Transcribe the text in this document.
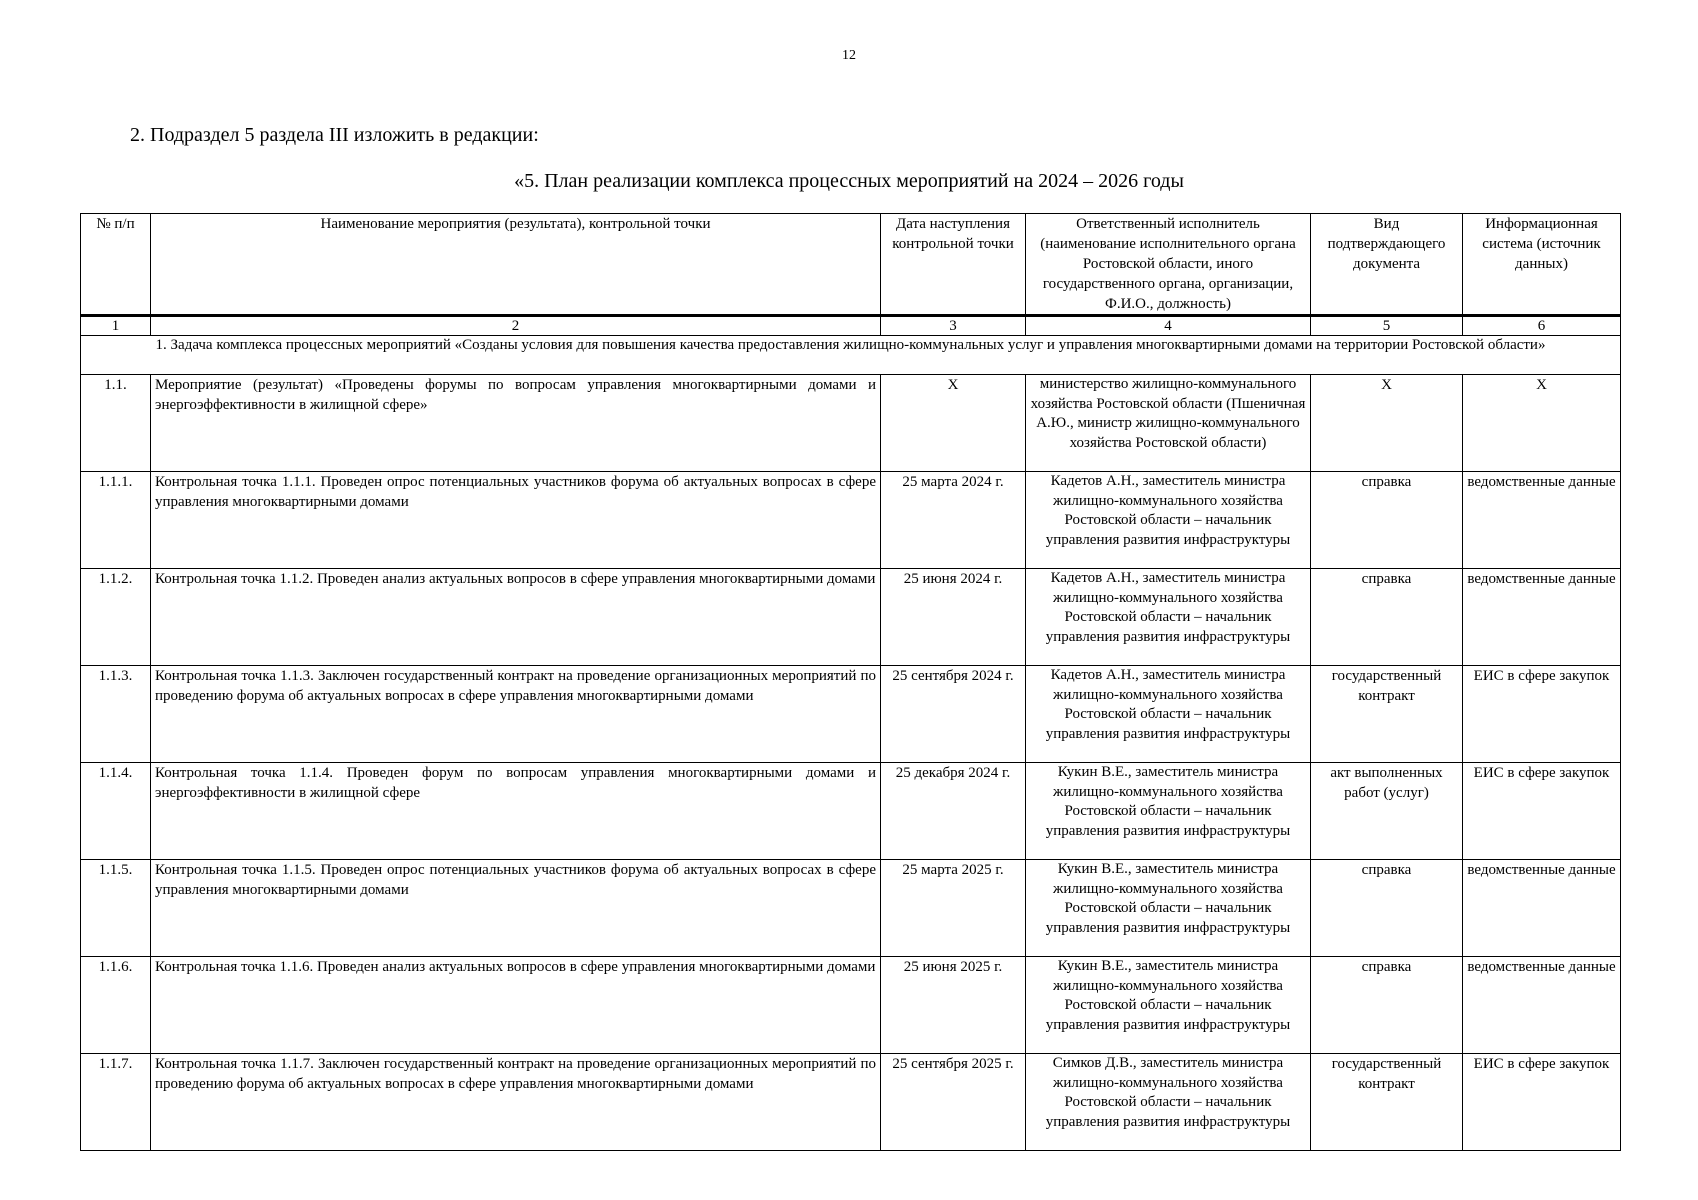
12
2. Подраздел 5 раздела III изложить в редакции:
«5. План реализации комплекса процессных мероприятий на 2024 – 2026 годы
№ п/п	Наименование мероприятия (результата), контрольной точки	Дата наступления контрольной точки	Ответственный исполнитель (наименование исполнительного органа Ростовской области, иного государственного органа, организации, Ф.И.О., должность)	Вид подтверждающего документа	Информационная система (источник данных)
1	2	3	4	5	6
1. Задача комплекса процессных мероприятий «Созданы условия для повышения качества предоставления жилищно-коммунальных услуг и управления многоквартирными домами на территории Ростовской области»					
1.1.	Мероприятие (результат) «Проведены форумы по вопросам управления многоквартирными домами и энергоэффективности в жилищной сфере»	X	министерство жилищно-коммунального хозяйства Ростовской области (Пшеничная А.Ю., министр жилищно-коммунального хозяйства Ростовской области)	X	X
1.1.1.	Контрольная точка 1.1.1. Проведен опрос потенциальных участников форума об актуальных вопросах в сфере управления многоквартирными домами	25 марта 2024 г.	Кадетов А.Н., заместитель министра жилищно-коммунального хозяйства Ростовской области – начальник управления развития инфраструктуры	справка	ведомственные данные
1.1.2.	Контрольная точка 1.1.2. Проведен анализ актуальных вопросов в сфере управления многоквартирными домами	25 июня 2024 г.	Кадетов А.Н., заместитель министра жилищно-коммунального хозяйства Ростовской области – начальник управления развития инфраструктуры	справка	ведомственные данные
1.1.3.	Контрольная точка 1.1.3. Заключен государственный контракт на проведение организационных мероприятий по проведению форума об актуальных вопросах в сфере управления многоквартирными домами	25 сентября 2024 г.	Кадетов А.Н., заместитель министра жилищно-коммунального хозяйства Ростовской области – начальник управления развития инфраструктуры	государственный контракт	ЕИС в сфере закупок
1.1.4.	Контрольная точка 1.1.4. Проведен форум по вопросам управления многоквартирными домами и энергоэффективности в жилищной сфере	25 декабря 2024 г.	Кукин В.Е., заместитель министра жилищно-коммунального хозяйства Ростовской области – начальник управления развития инфраструктуры	акт выполненных работ (услуг)	ЕИС в сфере закупок
1.1.5.	Контрольная точка 1.1.5. Проведен опрос потенциальных участников форума об актуальных вопросах в сфере управления многоквартирными домами	25 марта 2025 г.	Кукин В.Е., заместитель министра жилищно-коммунального хозяйства Ростовской области – начальник управления развития инфраструктуры	справка	ведомственные данные
1.1.6.	Контрольная точка 1.1.6. Проведен анализ актуальных вопросов в сфере управления многоквартирными домами	25 июня 2025 г.	Кукин В.Е., заместитель министра жилищно-коммунального хозяйства Ростовской области – начальник управления развития инфраструктуры	справка	ведомственные данные
1.1.7.	Контрольная точка 1.1.7. Заключен государственный контракт на проведение организационных мероприятий по проведению форума об актуальных вопросах в сфере управления многоквартирными домами	25 сентября 2025 г.	Симков Д.В., заместитель министра жилищно-коммунального хозяйства Ростовской области – начальник управления развития инфраструктуры	государственный контракт	ЕИС в сфере закупок
